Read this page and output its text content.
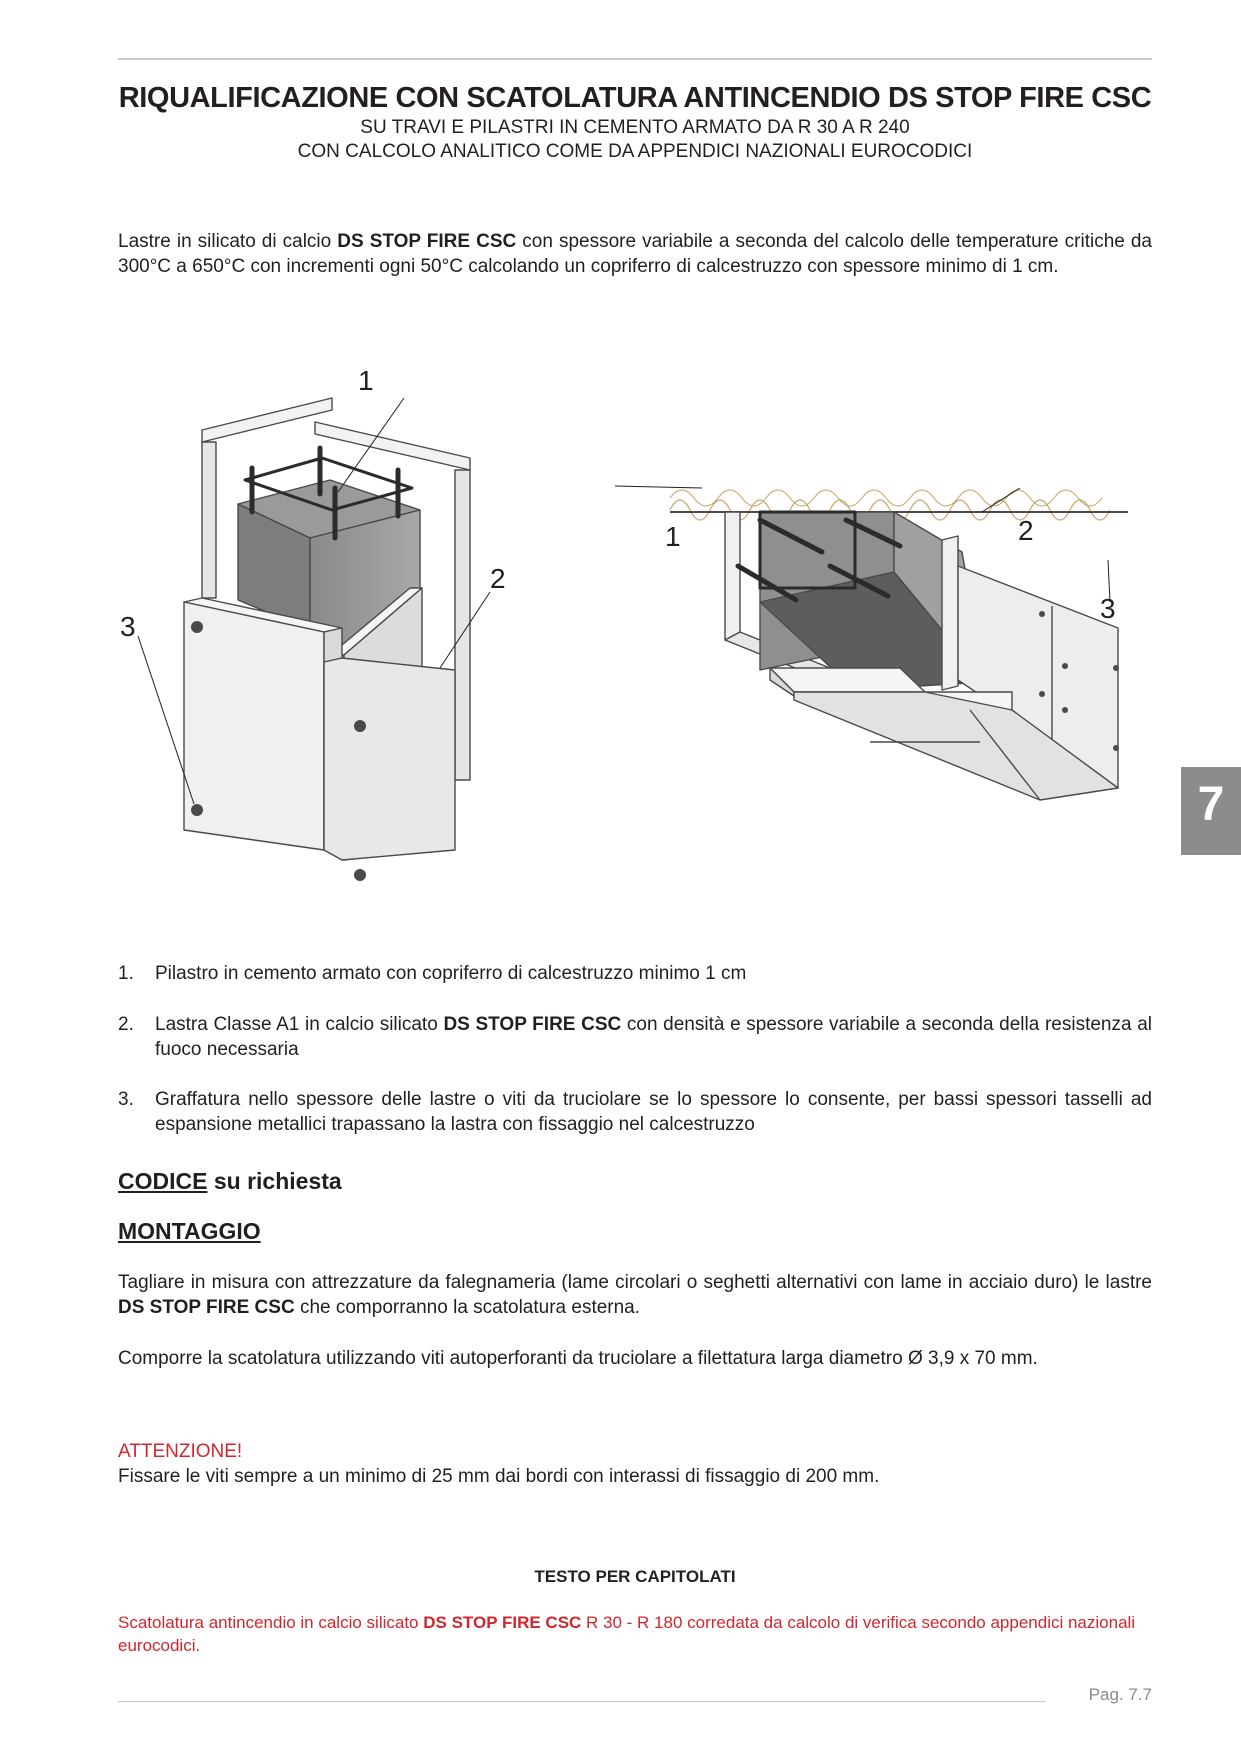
RIQUALIFICAZIONE CON SCATOLATURA ANTINCENDIO DS STOP FIRE CSC
SU TRAVI E PILASTRI IN CEMENTO ARMATO DA R 30 A R 240
CON CALCOLO ANALITICO COME DA APPENDICI NAZIONALI EUROCODICI
Lastre in silicato di calcio DS STOP FIRE CSC con spessore variabile a seconda del calcolo delle temperature critiche da 300°C a 650°C con incrementi ogni 50°C calcolando un copriferro di calcestruzzo con spessore minimo di 1 cm.
1
2
3
1	2
3
1. Pilastro in cemento armato con copriferro di calcestruzzo minimo 1 cm
2. Lastra Classe A1 in calcio silicato DS STOP FIRE CSC con densità e spessore variabile a seconda della resistenza al fuoco necessaria
3. Graffatura nello spessore delle lastre o viti da truciolare se lo spessore lo consente, per bassi spessori tasselli ad espansione metallici trapassano la lastra con fissaggio nel calcestruzzo
CODICE su richiesta
MONTAGGIO
Tagliare in misura con attrezzature da falegnameria (lame circolari o seghetti alternativi con lame in acciaio duro) le lastre DS STOP FIRE CSC che comporranno la scatolatura esterna.
Comporre la scatolatura utilizzando viti autoperforanti da truciolare a filettatura larga diametro Ø 3,9 x 70 mm.
ATTENZIONE!
Fissare le viti sempre a un minimo di 25 mm dai bordi con interassi di fissaggio di 200 mm.
TESTO PER CAPITOLATI
Scatolatura antincendio in calcio silicato DS STOP FIRE CSC R 30 - R 180 corredata da calcolo di verifica secondo appendici nazionali eurocodici.
Pag. 7.7
7
